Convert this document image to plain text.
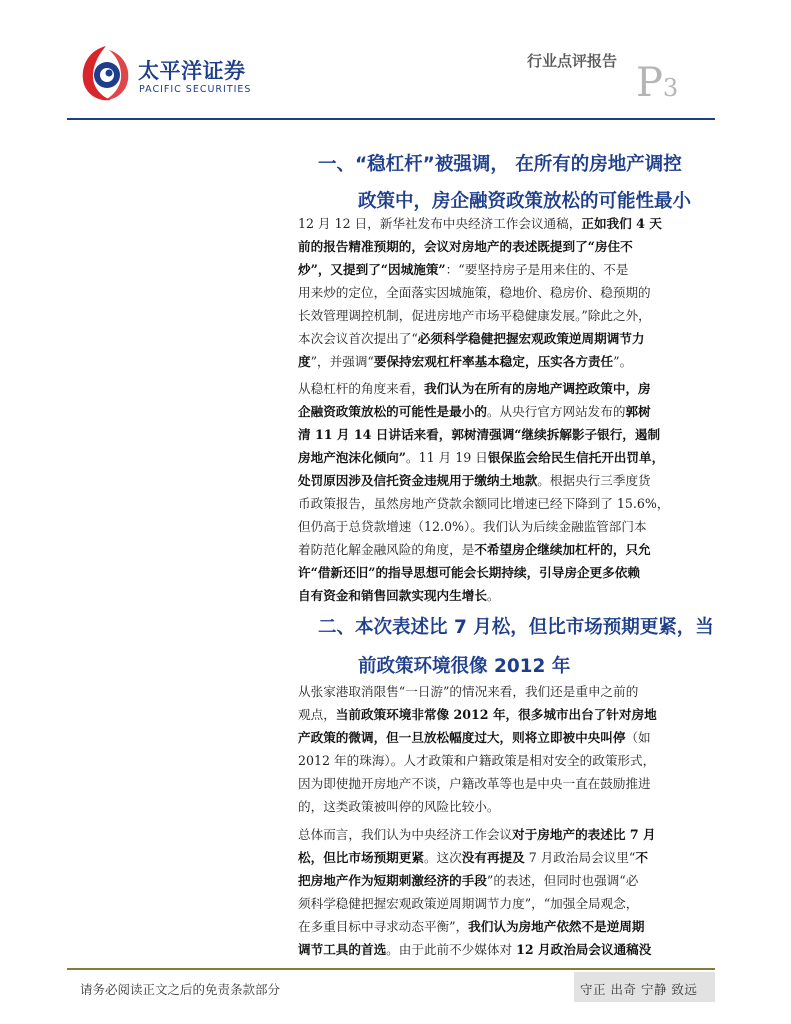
太平洋证券
PACIFIC SECURITIES
行业点评报告 P3
一、“稳杠杆”被强调， 在所有的房地产调控
政策中，房企融资政策放松的可能性最小
12 月 12 日，新华社发布中央经济工作会议通稿，正如我们 4 天
前的报告精准预期的，会议对房地产的表述既提到了“房住不
炒”，又提到了“因城施策”：“要坚持房子是用来住的、不是
用来炒的定位，全面落实因城施策，稳地价、稳房价、稳预期的
长效管理调控机制，促进房地产市场平稳健康发展。”除此之外，
本次会议首次提出了“必须科学稳健把握宏观政策逆周期调节力
度”，并强调“要保持宏观杠杆率基本稳定，压实各方责任”。
从稳杠杆的角度来看，我们认为在所有的房地产调控政策中，房
企融资政策放松的可能性是最小的。从央行官方网站发布的郭树
清 11 月 14 日讲话来看，郭树清强调“继续拆解影子银行，遏制
房地产泡沫化倾向”。11 月 19 日银保监会给民生信托开出罚单，
处罚原因涉及信托资金违规用于缴纳土地款。根据央行三季度货
币政策报告，虽然房地产贷款余额同比增速已经下降到了 15.6%，
但仍高于总贷款增速（12.0%）。我们认为后续金融监管部门本
着防范化解金融风险的角度，是不希望房企继续加杠杆的，只允
许“借新还旧”的指导思想可能会长期持续，引导房企更多依赖
自有资金和销售回款实现内生增长。
二、本次表述比 7 月松，但比市场预期更紧，当
前政策环境很像 2012 年
从张家港取消限售“一日游”的情况来看，我们还是重申之前的
观点，当前政策环境非常像 2012 年，很多城市出台了针对房地
产政策的微调，但一旦放松幅度过大，则将立即被中央叫停（如
2012 年的珠海）。人才政策和户籍政策是相对安全的政策形式，
因为即使抛开房地产不谈，户籍改革等也是中央一直在鼓励推进
的，这类政策被叫停的风险比较小。
总体而言，我们认为中央经济工作会议对于房地产的表述比 7 月
松，但比市场预期更紧。这次没有再提及 7 月政治局会议里“不
把房地产作为短期刺激经济的手段”的表述，但同时也强调“必
须科学稳健把握宏观政策逆周期调节力度”，“加强全局观念，
在多重目标中寻求动态平衡”，我们认为房地产依然不是逆周期
调节工具的首选。由于此前不少媒体对 12 月政治局会议通稿没
请务必阅读正文之后的免责条款部分	守正 出奇 宁静 致远
